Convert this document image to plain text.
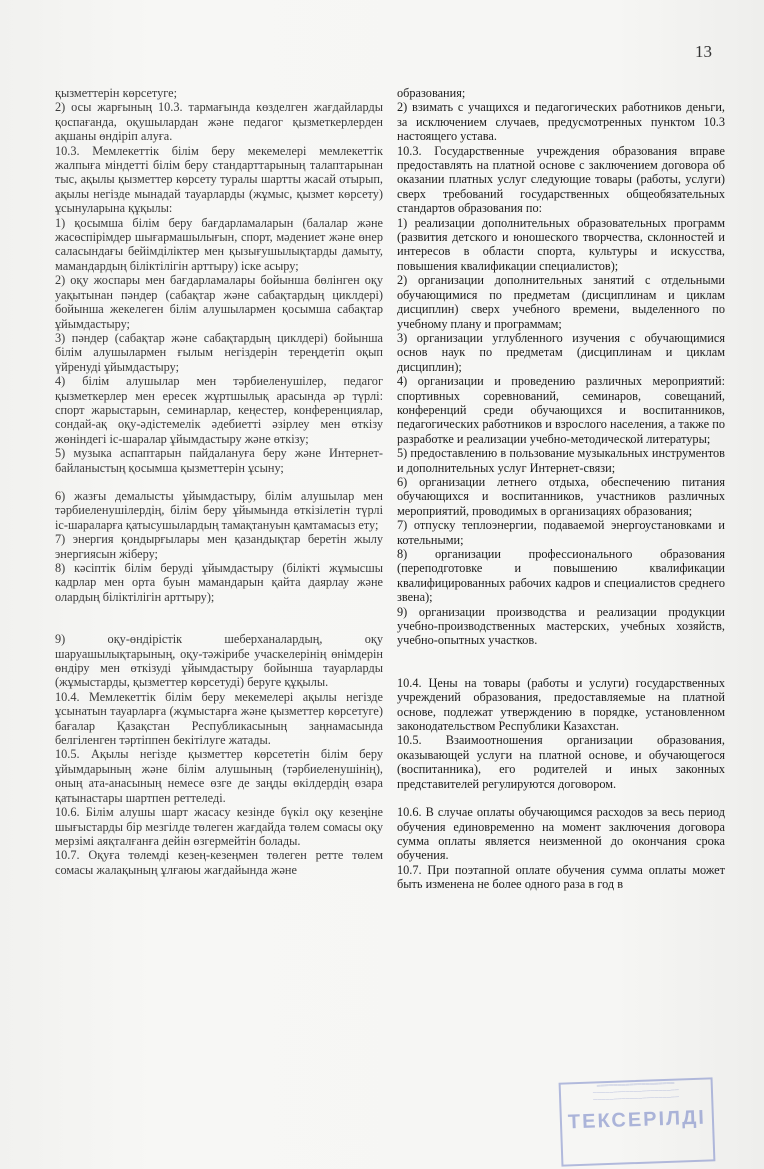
13

қызметтерін көрсетуге;

2) осы жарғының 10.3. тармағында көзделген жағдайларды қоспағанда, оқушылардан және педагог қызметкерлерден ақшаны өндіріп алуға.

10.3. Мемлекеттік білім беру мекемелері мемлекеттік жалпыға міндетті білім беру стандарттарының талаптарынан тыс, ақылы қызметтер көрсету туралы шартты жасай отырып, ақылы негізде мынадай тауарларды (жұмыс, қызмет көрсету) ұсынуларына құқылы:

1) қосымша білім беру бағдарламаларын (балалар және жасөспірімдер шығармашылығын, спорт, мәдениет және өнер саласындағы бейімділіктер мен қызығушылықтарды дамыту, мамандардың біліктілігін арттыру) іске асыру;

2) оқу жоспары мен бағдарламалары бойынша бөлінген оқу уақытынан пәндер (сабақтар және сабақтардың циклдері) бойынша жекелеген білім алушылармен қосымша сабақтар ұйымдастыру;

3) пәндер (сабақтар және сабақтардың циклдері) бойынша білім алушылармен ғылым негіздерін тереңдетіп оқып үйренуді ұйымдастыру;

4) білім алушылар мен тәрбиеленушілер, педагог қызметкерлер мен ересек жұртшылық арасында әр түрлі: спорт жарыстарын, семинарлар, кеңестер, конференциялар, сондай-ақ оқу-әдістемелік әдебиетті әзірлеу мен өткізу жөніндегі іс-шаралар ұйымдастыру және өткізу;

5) музыка аспаптарын пайдалануға беру және Интернет-байланыстың қосымша қызметтерін ұсыну;

6) жазғы демалысты ұйымдастыру, білім алушылар мен тәрбиеленушілердің, білім беру ұйымында өткізілетін түрлі іс-шараларға қатысушылардың тамақтануын қамтамасыз ету;

7) энергия қондырғылары мен қазандықтар беретін жылу энергиясын жіберу;

8) кәсіптік білім беруді ұйымдастыру (білікті жұмысшы кадрлар мен орта буын мамандарын қайта даярлау және олардың біліктілігін арттыру);

9) оқу-өндірістік шеберханалардың, оқу шаруашылықтарының, оқу-тәжірибе учаскелерінің өнімдерін өндіру мен өткізуді ұйымдастыру бойынша тауарларды (жұмыстарды, қызметтер көрсетуді) беруге құқылы.

10.4. Мемлекеттік білім беру мекемелері ақылы негізде ұсынатын тауарларға (жұмыстарға және қызметтер көрсетуге) бағалар Қазақстан Республикасының заңнамасында белгіленген тәртіппен бекітілуге жатады.

10.5. Ақылы негізде қызметтер көрсететін білім беру ұйымдарының және білім алушының (тәрбиеленушінің), оның ата-анасының немесе өзге де заңды өкілдердің өзара қатынастары шартпен реттеледі.

10.6. Білім алушы шарт жасасу кезінде бүкіл оқу кезеңіне шығыстарды бір мезгілде төлеген жағдайда төлем сомасы оқу мерзімі аяқталғанға дейін өзгермейтін болады.

10.7. Оқуға төлемді кезең-кезеңмен төлеген ретте төлем сомасы жалақының ұлғаюы жағдайында және

образования;

2) взимать с учащихся и педагогических работников деньги, за исключением случаев, предусмотренных пунктом 10.3 настоящего устава.

10.3. Государственные учреждения образования вправе предоставлять на платной основе с заключением договора об оказании платных услуг следующие товары (работы, услуги) сверх требований государственных общеобязательных стандартов образования по:

1) реализации дополнительных образовательных программ (развития детского и юношеского творчества, склонностей и интересов в области спорта, культуры и искусства, повышения квалификации специалистов);

2) организации дополнительных занятий с отдельными обучающимися по предметам (дисциплинам и циклам дисциплин) сверх учебного времени, выделенного по учебному плану и программам;

3) организации углубленного изучения с обучающимися основ наук по предметам (дисциплинам и циклам дисциплин);

4) организации и проведению различных мероприятий: спортивных соревнований, семинаров, совещаний, конференций среди обучающихся и воспитанников, педагогических работников и взрослого населения, а также по разработке и реализации учебно-методической литературы;

5) предоставлению в пользование музыкальных инструментов и дополнительных услуг Интернет-связи;

6) организации летнего отдыха, обеспечению питания обучающихся и воспитанников, участников различных мероприятий, проводимых в организациях образования;

7) отпуску теплоэнергии, подаваемой энергоустановками и котельными;

8) организации профессионального образования (переподготовке и повышению квалификации квалифицированных рабочих кадров и специалистов среднего звена);

9) организации производства и реализации продукции учебно-производственных мастерских, учебных хозяйств, учебно-опытных участков.

10.4. Цены на товары (работы и услуги) государственных учреждений образования, предоставляемые на платной основе, подлежат утверждению в порядке, установленном законодательством Республики Казахстан.

10.5. Взаимоотношения организации образования, оказывающей услуги на платной основе, и обучающегося (воспитанника), его родителей и иных законных представителей регулируются договором.

10.6. В случае оплаты обучающимся расходов за весь период обучения единовременно на момент заключения договора сумма оплаты является неизменной до окончания срока обучения.

10.7. При поэтапной оплате обучения сумма оплаты может быть изменена не более одного раза в год в

═══════════════════
─────────────────────
─────────────────────
ТЕКСЕРІЛДІ
